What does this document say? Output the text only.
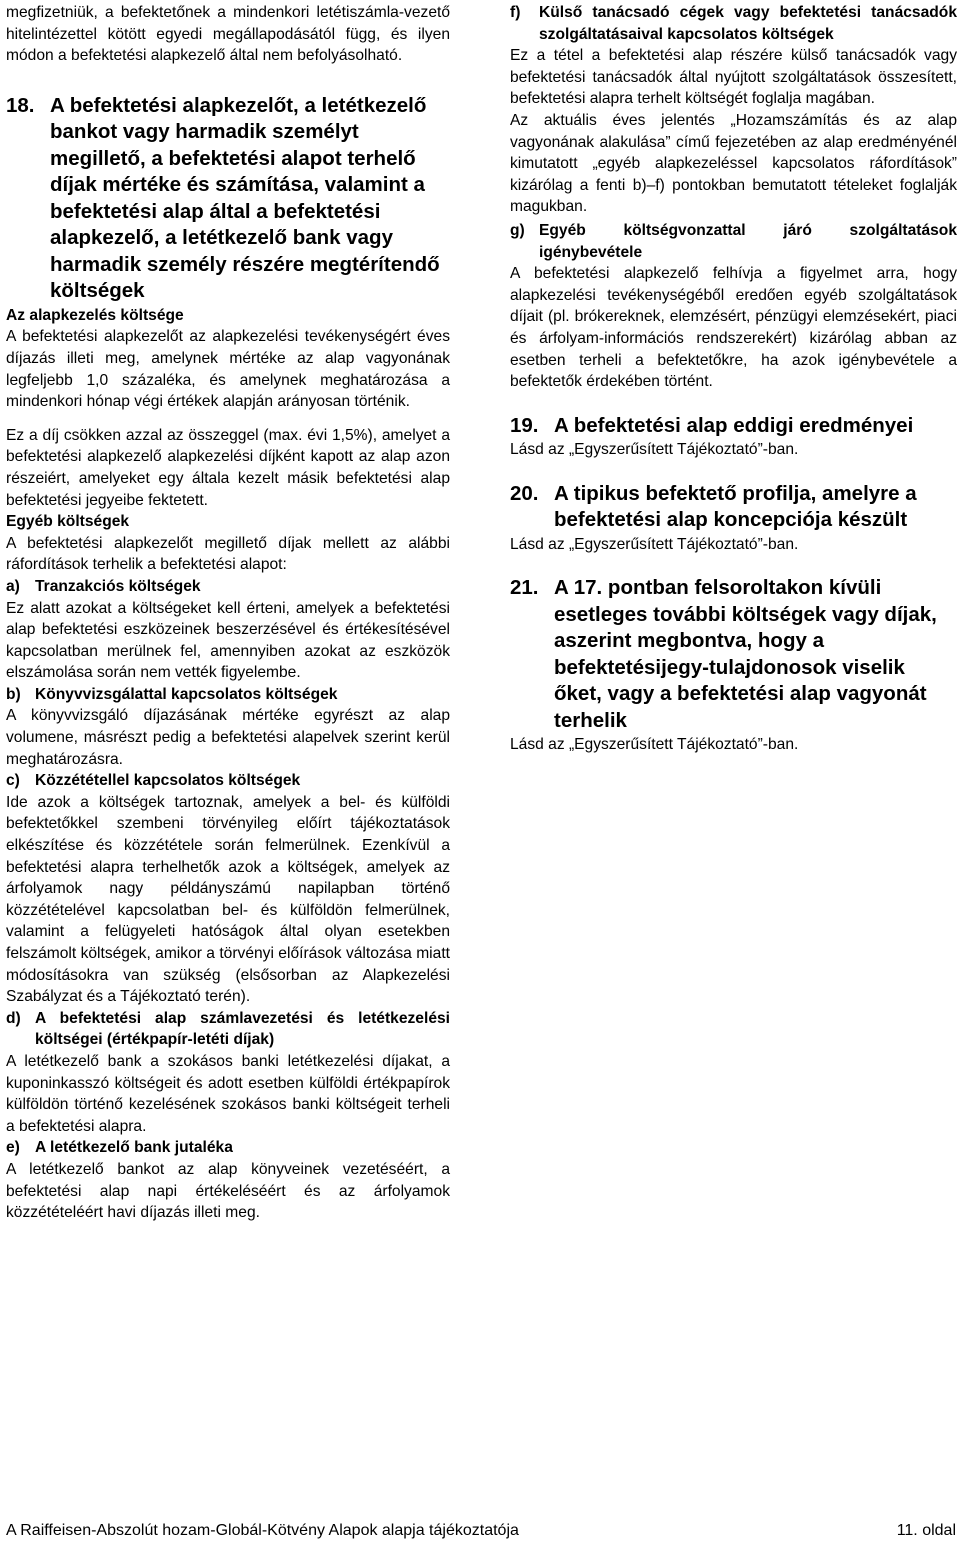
megfizetniük, a befektetőnek a mindenkori letétiszámla-vezető hitelintézettel kötött egyedi megállapodásától függ, és ilyen módon a befektetési alapkezelő által nem befolyásolható.

18. A befektetési alapkezelőt, a letétkezelő bankot vagy harmadik személyt megillető, a befektetési alapot terhelő díjak mértéke és számítása, valamint a befektetési alap által a befektetési alapkezelő, a letétkezelő bank vagy harmadik személy részére megtérítendő költségek
Az alapkezelés költsége

A befektetési alapkezelőt az alapkezelési tevékenységért éves díjazás illeti meg, amelynek mértéke az alap vagyonának legfeljebb 1,0 százaléka, és amelynek meghatározása a mindenkori hónap végi értékek alapján arányosan történik.

Ez a díj csökken azzal az összeggel (max. évi 1,5%), amelyet a befektetési alapkezelő alapkezelési díjként kapott az alap azon részeiért, amelyeket egy általa kezelt másik befektetési alap befektetési jegyeibe fektetett.

Egyéb költségek

A befektetési alapkezelőt megillető díjak mellett az alábbi ráfordítások terhelik a befektetési alapot:

a) Tranzakciós költségek

Ez alatt azokat a költségeket kell érteni, amelyek a befektetési alap befektetési eszközeinek beszerzésével és értékesítésével kapcsolatban merülnek fel, amennyiben azokat az eszközök elszámolása során nem vették figyelembe.

b) Könyvvizsgálattal kapcsolatos költségek

A könyvvizsgáló díjazásának mértéke egyrészt az alap volumene, másrészt pedig a befektetési alapelvek szerint kerül meghatározásra.

c) Közzététellel kapcsolatos költségek

Ide azok a költségek tartoznak, amelyek a bel- és külföldi befektetőkkel szembeni törvényileg előírt tájékoztatások elkészítése és közzététele során felmerülnek. Ezenkívül a befektetési alapra terhelhetők azok a költségek, amelyek az árfolyamok nagy példányszámú napilapban történő közzétételével kapcsolatban bel- és külföldön felmerülnek, valamint a felügyeleti hatóságok által olyan esetekben felszámolt költségek, amikor a törvényi előírások változása miatt módosításokra van szükség (elsősorban az Alapkezelési Szabályzat és a Tájékoztató terén).

d) A befektetési alap számlavezetési és letétkezelési költségei (értékpapír-letéti díjak)

A letétkezelő bank a szokásos banki letétkezelési díjakat, a kuponinkasszó költségeit és adott esetben külföldi értékpapírok külföldön történő kezelésének szokásos banki költségeit terheli a befektetési alapra.

e) A letétkezelő bank jutaléka

A letétkezelő bankot az alap könyveinek vezetéséért, a befektetési alap napi értékeléséért és az árfolyamok közzétételéért havi díjazás illeti meg.

f)	Külső tanácsadó cégek vagy befektetési tanácsadók szolgáltatásaival kapcsolatos költségek

Ez a tétel a befektetési alap részére külső tanácsadók vagy befektetési tanácsadók által nyújtott szolgáltatások összesített, befektetési alapra terhelt költségét foglalja magában.

Az aktuális éves jelentés „Hozamszámítás és az alap vagyonának alakulása” című fejezetében az alap eredményénél kimutatott „egyéb alapkezeléssel kapcsolatos ráfordítások” kizárólag a fenti b)–f) pontokban bemutatott tételeket foglalják magukban.

g) Egyéb költségvonzattal járó szolgáltatások igénybevétele

A befektetési alapkezelő felhívja a figyelmet arra, hogy alapkezelési tevékenységéből eredően egyéb szolgáltatások díjait (pl. brókereknek, elemzésért, pénzügyi elemzésekért, piaci és árfolyam-információs rendszerekért) kizárólag abban az esetben terheli a befektetőkre, ha azok igénybevétele a befektetők érdekében történt.

19. A befektetési alap eddigi eredményei

Lásd az „Egyszerűsített Tájékoztató”-ban.

20. A tipikus befektető profilja, amelyre a befektetési alap koncepciója készült

Lásd az „Egyszerűsített Tájékoztató”-ban.

21. A 17. pontban felsoroltakon kívüli esetleges további költségek vagy díjak, aszerint megbontva, hogy a befektetésijegy-tulajdonosok viselik őket, vagy a befektetési alap vagyonát terhelik

Lásd az „Egyszerűsített Tájékoztató”-ban.

A Raiffeisen-Abszolút hozam-Globál-Kötvény Alapok alapja tájékoztatója	11. oldal
